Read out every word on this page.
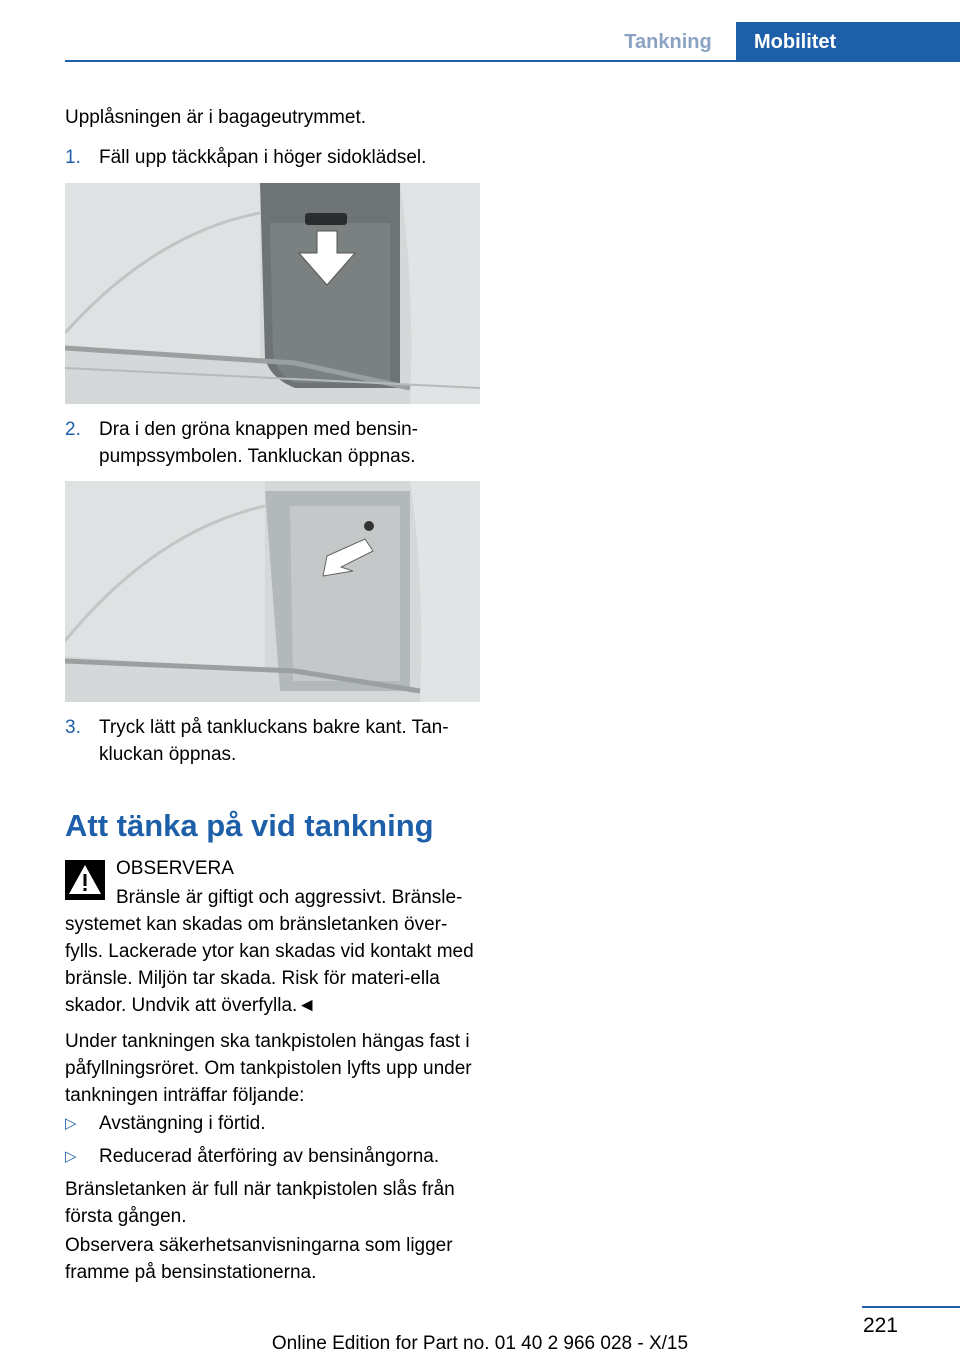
Tankning	Mobilitet

Upplåsningen är i bagageutrymmet.

1. Fäll upp täckkåpan i höger sidoklädsel.
2. Dra i den gröna knappen med bensin-pumpssymbolen. Tankluckan öppnas.
3. Tryck lätt på tankluckans bakre kant. Tan-kluckan öppnas.
Att tänka på vid tankning
OBSERVERA
Bränsle är giftigt och aggressivt. Bränsle-systemet kan skadas om bränsletanken över-fylls. Lackerade ytor kan skadas vid kontakt med bränsle. Miljön tar skada. Risk för materi-ella skador. Undvik att överfylla.◄
Under tankningen ska tankpistolen hängas fast i påfyllningsröret. Om tankpistolen lyfts upp under tankningen inträffar följande:
▷ Avstängning i förtid.
▷ Reducerad återföring av bensinångorna.
Bränsletanken är full när tankpistolen slås från första gången.
Observera säkerhetsanvisningarna som ligger framme på bensinstationerna.
221
Online Edition for Part no. 01 40 2 966 028 - X/15
